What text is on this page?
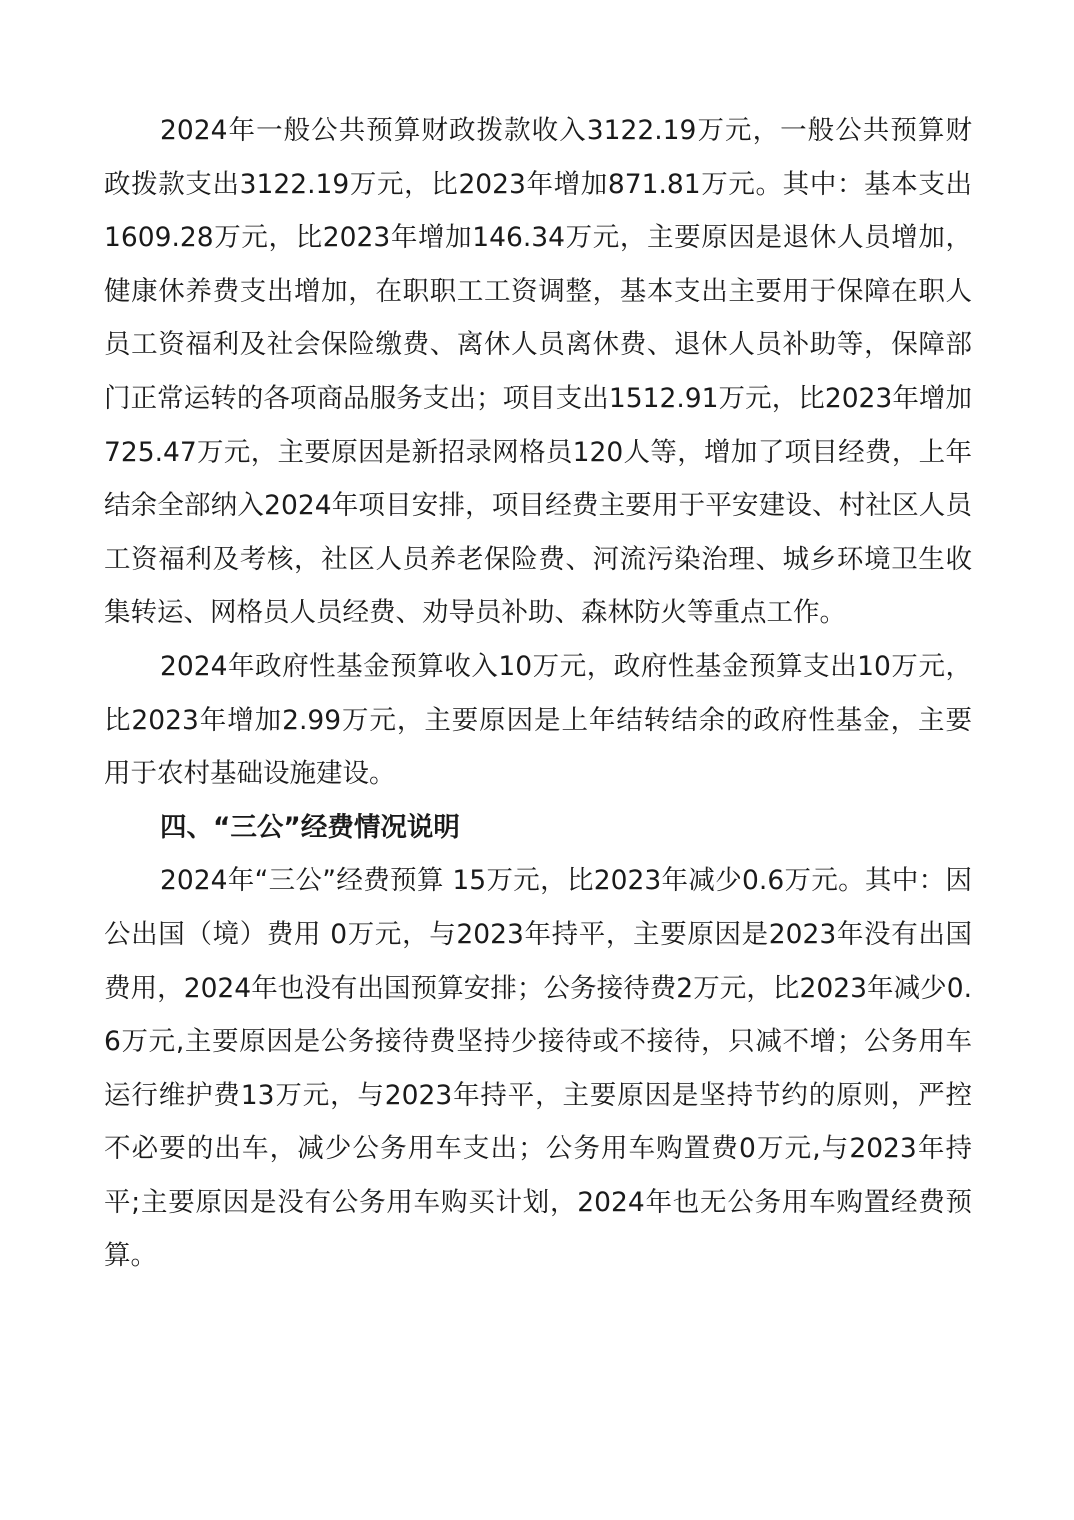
2024年一般公共预算财政拨款收入3122.19万元，一般公共预算财政拨款支出3122.19万元，比2023年增加871.81万元。其中：基本支出1609.28万元，比2023年增加146.34万元，主要原因是退休人员增加，健康休养费支出增加，在职职工工资调整，基本支出主要用于保障在职人员工资福利及社会保险缴费、离休人员离休费、退休人员补助等，保障部门正常运转的各项商品服务支出；项目支出1512.91万元，比2023年增加725.47万元，主要原因是新招录网格员120人等，增加了项目经费，上年结余全部纳入2024年项目安排，项目经费主要用于平安建设、村社区人员工资福利及考核，社区人员养老保险费、河流污染治理、城乡环境卫生收集转运、网格员人员经费、劝导员补助、森林防火等重点工作。

2024年政府性基金预算收入10万元，政府性基金预算支出10万元，比2023年增加2.99万元，主要原因是上年结转结余的政府性基金，主要用于农村基础设施建设。

四、“三公”经费情况说明

2024年“三公”经费预算 15万元，比2023年减少0.6万元。其中：因公出国（境）费用 0万元，与2023年持平，主要原因是2023年没有出国费用，2024年也没有出国预算安排；公务接待费2万元，比2023年减少0.6万元,主要原因是公务接待费坚持少接待或不接待，只减不增；公务用车运行维护费13万元，与2023年持平，主要原因是坚持节约的原则，严控不必要的出车，减少公务用车支出；公务用车购置费0万元,与2023年持平;主要原因是没有公务用车购买计划，2024年也无公务用车购置经费预算。
